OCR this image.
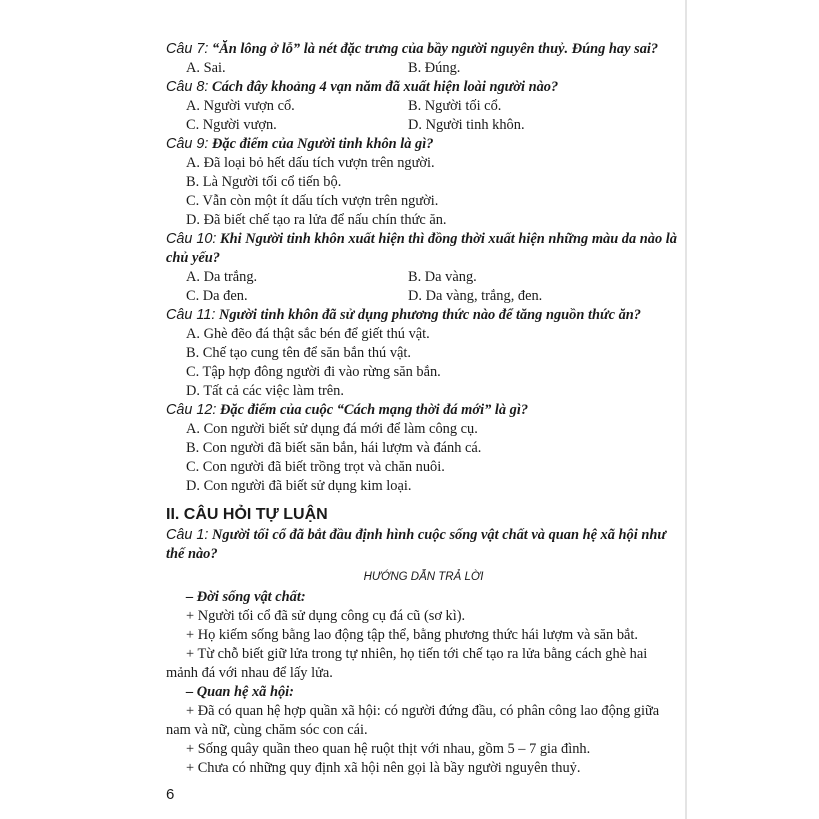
Câu 7: “Ăn lông ở lỗ” là nét đặc trưng của bầy người nguyên thuỷ. Đúng hay sai?
A. Sai.	B. Đúng.
Câu 8: Cách đây khoảng 4 vạn năm đã xuất hiện loài người nào?
A. Người vượn cổ.	B. Người tối cổ.
C. Người vượn.	D. Người tinh khôn.
Câu 9: Đặc điểm của Người tinh khôn là gì?
A. Đã loại bỏ hết dấu tích vượn trên người.
B. Là Người tối cổ tiến bộ.
C. Vẫn còn một ít dấu tích vượn trên người.
D. Đã biết chế tạo ra lửa để nấu chín thức ăn.
Câu 10: Khi Người tinh khôn xuất hiện thì đồng thời xuất hiện những màu da nào là chủ yếu?
A. Da trắng.	B. Da vàng.
C. Da đen.	D. Da vàng, trắng, đen.
Câu 11: Người tinh khôn đã sử dụng phương thức nào để tăng nguồn thức ăn?
A. Ghè đẽo đá thật sắc bén để giết thú vật.
B. Chế tạo cung tên để săn bắn thú vật.
C. Tập hợp đông người đi vào rừng săn bắn.
D. Tất cả các việc làm trên.
Câu 12: Đặc điểm của cuộc “Cách mạng thời đá mới” là gì?
A. Con người biết sử dụng đá mới để làm công cụ.
B. Con người đã biết săn bắn, hái lượm và đánh cá.
C. Con người đã biết trồng trọt và chăn nuôi.
D. Con người đã biết sử dụng kim loại.
II. CÂU HỎI TỰ LUẬN
Câu 1: Người tối cổ đã bắt đầu định hình cuộc sống vật chất và quan hệ xã hội như thế nào?
HƯỚNG DẪN TRẢ LỜI
– Đời sống vật chất:
+ Người tối cổ đã sử dụng công cụ đá cũ (sơ kì).
+ Họ kiếm sống bằng lao động tập thể, bằng phương thức hái lượm và săn bắt.
+ Từ chỗ biết giữ lửa trong tự nhiên, họ tiến tới chế tạo ra lửa bằng cách ghè hai mảnh đá với nhau để lấy lửa.
– Quan hệ xã hội:
+ Đã có quan hệ hợp quần xã hội: có người đứng đầu, có phân công lao động giữa nam và nữ, cùng chăm sóc con cái.
+ Sống quây quần theo quan hệ ruột thịt với nhau, gồm 5 – 7 gia đình.
+ Chưa có những quy định xã hội nên gọi là bầy người nguyên thuỷ.
6
